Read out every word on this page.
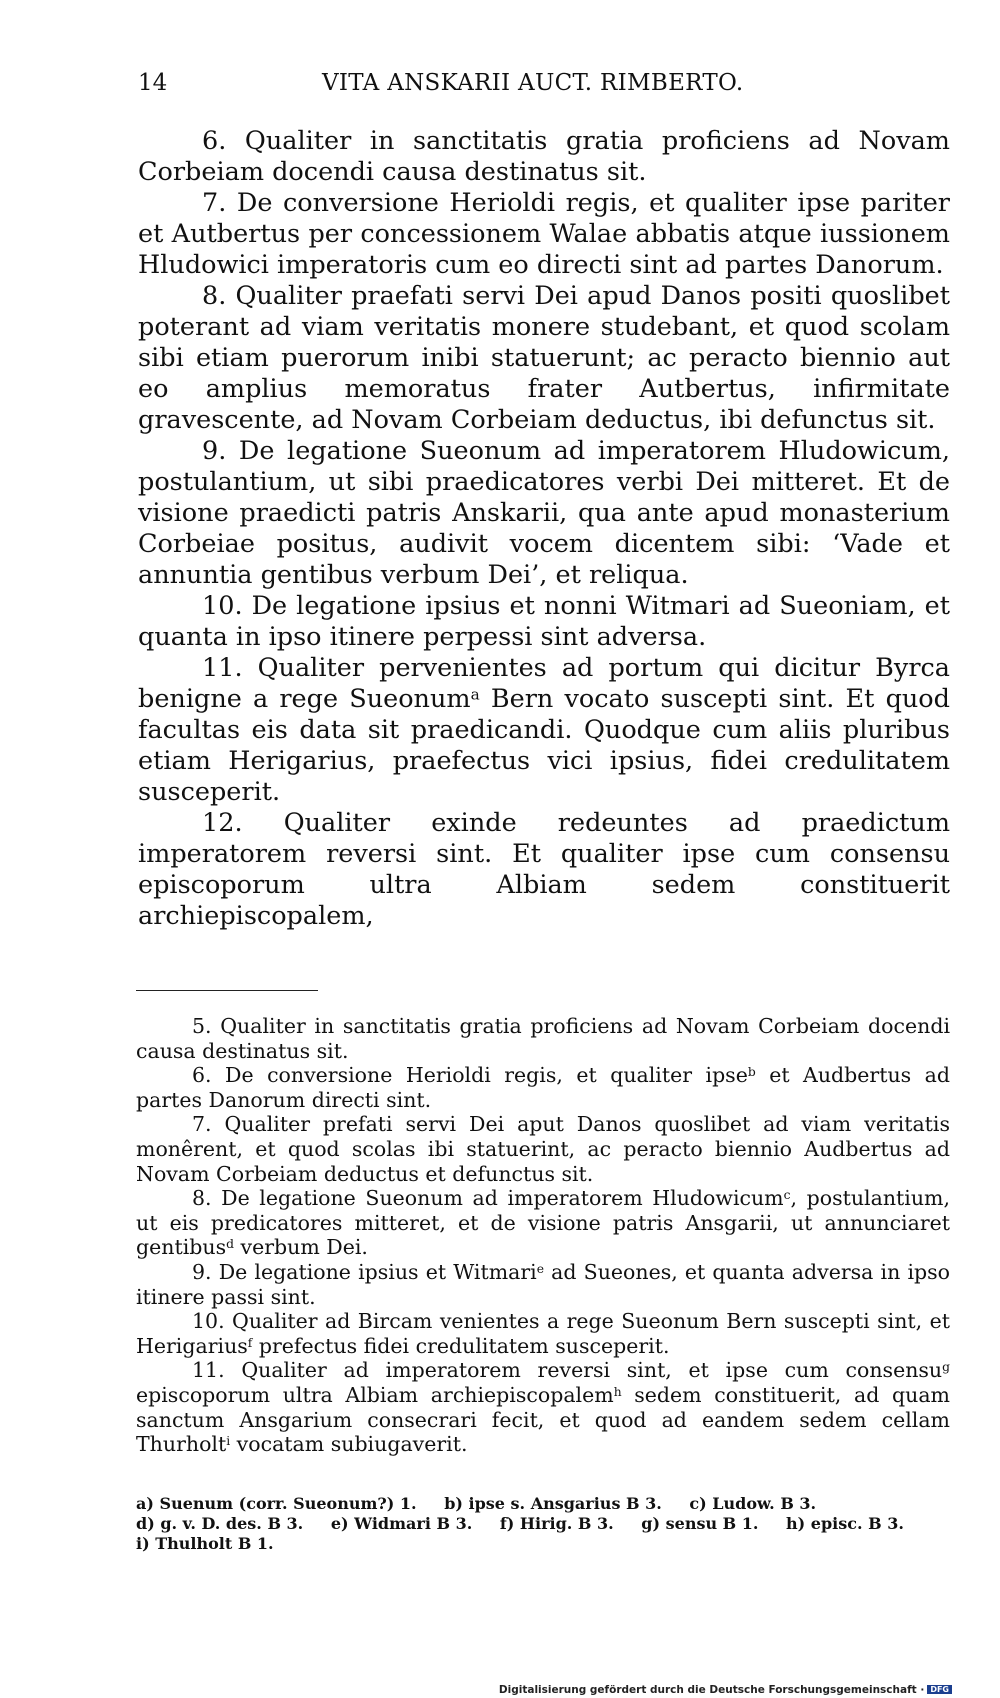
14	VITA ANSKARII AUCT. RIMBERTO.

6. Qualiter in sanctitatis gratia proficiens ad Novam Corbeiam docendi causa destinatus sit.

7. De conversione Herioldi regis, et qualiter ipse pariter et Autbertus per concessionem Walae abbatis atque iussionem Hludowici imperatoris cum eo directi sint ad partes Danorum.

8. Qualiter praefati servi Dei apud Danos positi quoslibet poterant ad viam veritatis monere studebant, et quod scolam sibi etiam puerorum inibi statuerunt; ac peracto biennio aut eo amplius memoratus frater Autbertus, infirmitate gravescente, ad Novam Corbeiam deductus, ibi defunctus sit.

9. De legatione Sueonum ad imperatorem Hludowicum, postulantium, ut sibi praedicatores verbi Dei mitteret. Et de visione praedicti patris Anskarii, qua ante apud monasterium Corbeiae positus, audivit vocem dicentem sibi: ‘Vade et annuntia gentibus verbum Dei’, et reliqua.

10. De legatione ipsius et nonni Witmari ad Sueoniam, et quanta in ipso itinere perpessi sint adversa.

11. Qualiter pervenientes ad portum qui dicitur Byrca benigne a rege Sueonum$^a$ Bern vocato suscepti sint. Et quod facultas eis data sit praedicandi. Quodque cum aliis pluribus etiam Herigarius, praefectus vici ipsius, fidei credulitatem susceperit.

12. Qualiter exinde redeuntes ad praedictum imperatorem reversi sint. Et qualiter ipse cum consensu episcoporum ultra Albiam sedem constituerit archiepiscopalem,

5. Qualiter in sanctitatis gratia proficiens ad Novam Corbeiam docendi causa destinatus sit.

6. De conversione Herioldi regis, et qualiter ipse$^b$ et Audbertus ad partes Danorum directi sint.

7. Qualiter prefati servi Dei aput Danos quoslibet ad viam veritatis monêrent, et quod scolas ibi statuerint, ac peracto biennio Audbertus ad Novam Corbeiam deductus et defunctus sit.

8. De legatione Sueonum ad imperatorem Hludowicum$^c$, postulantium, ut eis predicatores mitteret, et de visione patris Ansgarii, ut annunciaret gentibus$^d$ verbum Dei.

9. De legatione ipsius et Witmari$^e$ ad Sueones, et quanta adversa in ipso itinere passi sint.

10. Qualiter ad Bircam venientes a rege Sueonum Bern suscepti sint, et Herigarius$^f$ prefectus fidei credulitatem susceperit.

11. Qualiter ad imperatorem reversi sint, et ipse cum consensu$^g$ episcoporum ultra Albiam archiepiscopalem$^h$ sedem constituerit, ad quam sanctum Ansgarium consecrari fecit, et quod ad eandem sedem cellam Thurholt$^i$ vocatam subiugaverit.

a) Suenum (corr. Sueonum?) 1. b) ipse s. Ansgarius B 3. c) Ludow. B 3. d) g. v. D. des. B 3. e) Widmari B 3. f) Hirig. B 3. g) sensu B 1. h) episc. B 3. i) Thulholt B 1.

Digitalisierung gefördert durch die Deutsche Forschungsgemeinschaft · DFG
